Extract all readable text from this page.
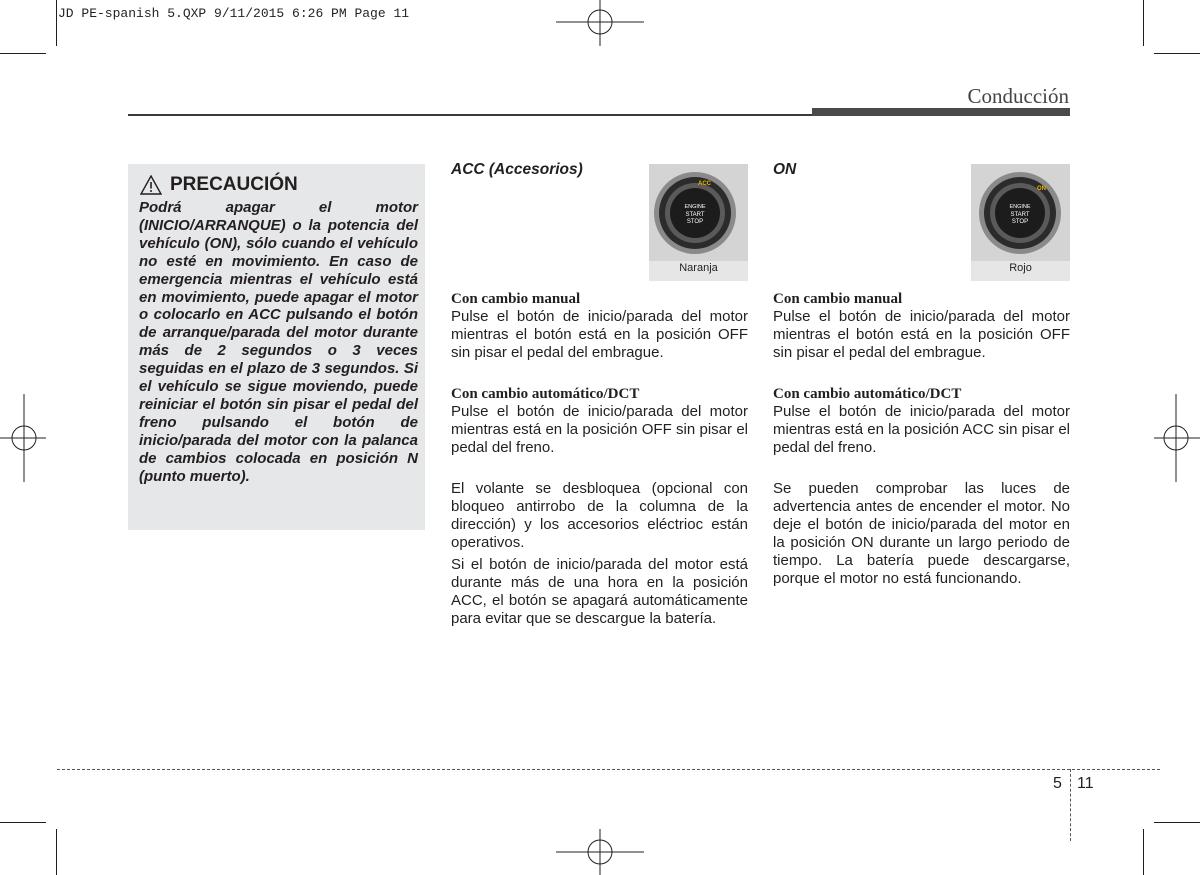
JD PE-spanish 5.QXP 9/11/2015 6:26 PM Page 11
Conducción
PRECAUCIÓN
Podrá apagar el motor (INICIO/ARRANQUE) o la potencia del vehículo (ON), sólo cuando el vehículo no esté en movimiento. En caso de emergencia mientras el vehículo está en movimiento, puede apagar el motor o colocarlo en ACC pulsando el botón de arranque/parada del motor durante más de 2 segundos o 3 veces seguidas en el plazo de 3 segundos. Si el vehículo se sigue moviendo, puede reiniciar el botón sin pisar el pedal del freno pulsando el botón de inicio/parada del motor con la palanca de cambios colocada en posición N (punto muerto).
ACC (Accesorios)
ACC
ENGINE
START
STOP
Naranja
Con cambio manual
Pulse el botón de inicio/parada del motor mientras el botón está en la posición OFF sin pisar el pedal del embrague.
Con cambio automático/DCT
Pulse el botón de inicio/parada del motor mientras está en la posición OFF sin pisar el pedal del freno.
El volante se desbloquea (opcional con bloqueo antirrobo de la columna de la dirección) y los accesorios eléctrioc están operativos.
Si el botón de inicio/parada del motor está durante más de una hora en la posición ACC, el botón se apagará automáticamente para evitar que se descargue la batería.
ON
ON
ENGINE
START
STOP
Rojo
Con cambio manual
Pulse el botón de inicio/parada del motor mientras el botón está en la posición OFF sin pisar el pedal del embrague.
Con cambio automático/DCT
Pulse el botón de inicio/parada del motor mientras está en la posición ACC sin pisar el pedal del freno.
Se pueden comprobar las luces de advertencia antes de encender el motor. No deje el botón de inicio/parada del motor en la posición ON durante un largo periodo de tiempo. La batería puede descargarse, porque el motor no está funcionando.
5 11
